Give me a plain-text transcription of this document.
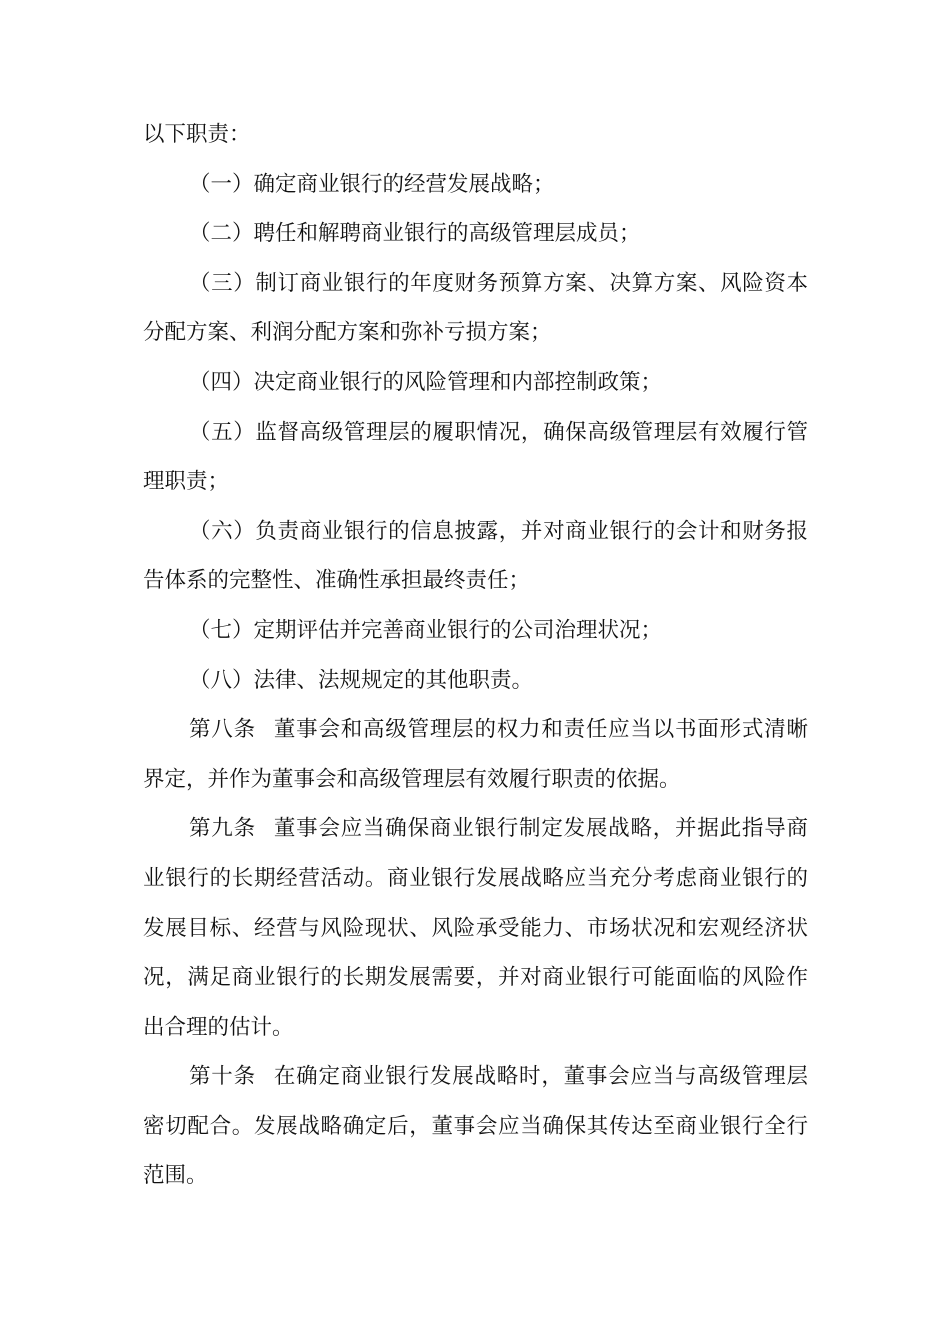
以下职责：

（一）确定商业银行的经营发展战略；

（二）聘任和解聘商业银行的高级管理层成员；

（三）制订商业银行的年度财务预算方案、决算方案、风险资本分配方案、利润分配方案和弥补亏损方案；

（四）决定商业银行的风险管理和内部控制政策；

（五）监督高级管理层的履职情况，确保高级管理层有效履行管理职责；

（六）负责商业银行的信息披露，并对商业银行的会计和财务报告体系的完整性、准确性承担最终责任；

（七）定期评估并完善商业银行的公司治理状况；

（八）法律、法规规定的其他职责。

第八条 董事会和高级管理层的权力和责任应当以书面形式清晰界定，并作为董事会和高级管理层有效履行职责的依据。

第九条 董事会应当确保商业银行制定发展战略，并据此指导商业银行的长期经营活动。商业银行发展战略应当充分考虑商业银行的发展目标、经营与风险现状、风险承受能力、市场状况和宏观经济状况，满足商业银行的长期发展需要，并对商业银行可能面临的风险作出合理的估计。

第十条 在确定商业银行发展战略时，董事会应当与高级管理层密切配合。发展战略确定后，董事会应当确保其传达至商业银行全行范围。
